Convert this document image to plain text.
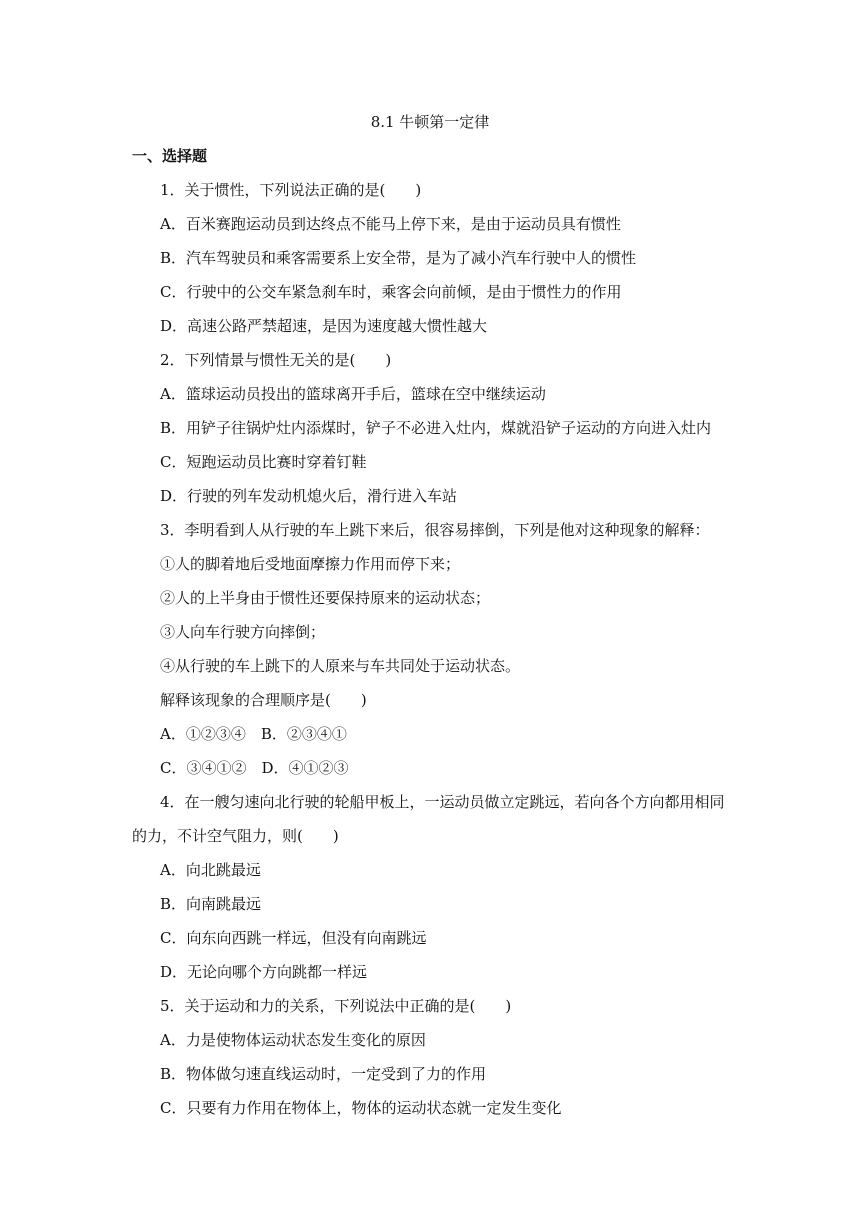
8.1 牛顿第一定律
一、选择题
1．关于惯性，下列说法正确的是(　　)
A．百米赛跑运动员到达终点不能马上停下来，是由于运动员具有惯性
B．汽车驾驶员和乘客需要系上安全带，是为了减小汽车行驶中人的惯性
C．行驶中的公交车紧急刹车时，乘客会向前倾，是由于惯性力的作用
D．高速公路严禁超速，是因为速度越大惯性越大
2．下列情景与惯性无关的是(　　)
A．篮球运动员投出的篮球离开手后，篮球在空中继续运动
B．用铲子往锅炉灶内添煤时，铲子不必进入灶内，煤就沿铲子运动的方向进入灶内
C．短跑运动员比赛时穿着钉鞋
D．行驶的列车发动机熄火后，滑行进入车站
3．李明看到人从行驶的车上跳下来后，很容易摔倒，下列是他对这种现象的解释：
①人的脚着地后受地面摩擦力作用而停下来；
②人的上半身由于惯性还要保持原来的运动状态；
③人向车行驶方向摔倒；
④从行驶的车上跳下的人原来与车共同处于运动状态。
解释该现象的合理顺序是(　　)
A．①②③④　B．②③④①
C．③④①②　D．④①②③
4．在一艘匀速向北行驶的轮船甲板上，一运动员做立定跳远，若向各个方向都用相同
的力，不计空气阻力，则(　　)
A．向北跳最远
B．向南跳最远
C．向东向西跳一样远，但没有向南跳远
D．无论向哪个方向跳都一样远
5．关于运动和力的关系，下列说法中正确的是(　　)
A．力是使物体运动状态发生变化的原因
B．物体做匀速直线运动时，一定受到了力的作用
C．只要有力作用在物体上，物体的运动状态就一定发生变化
